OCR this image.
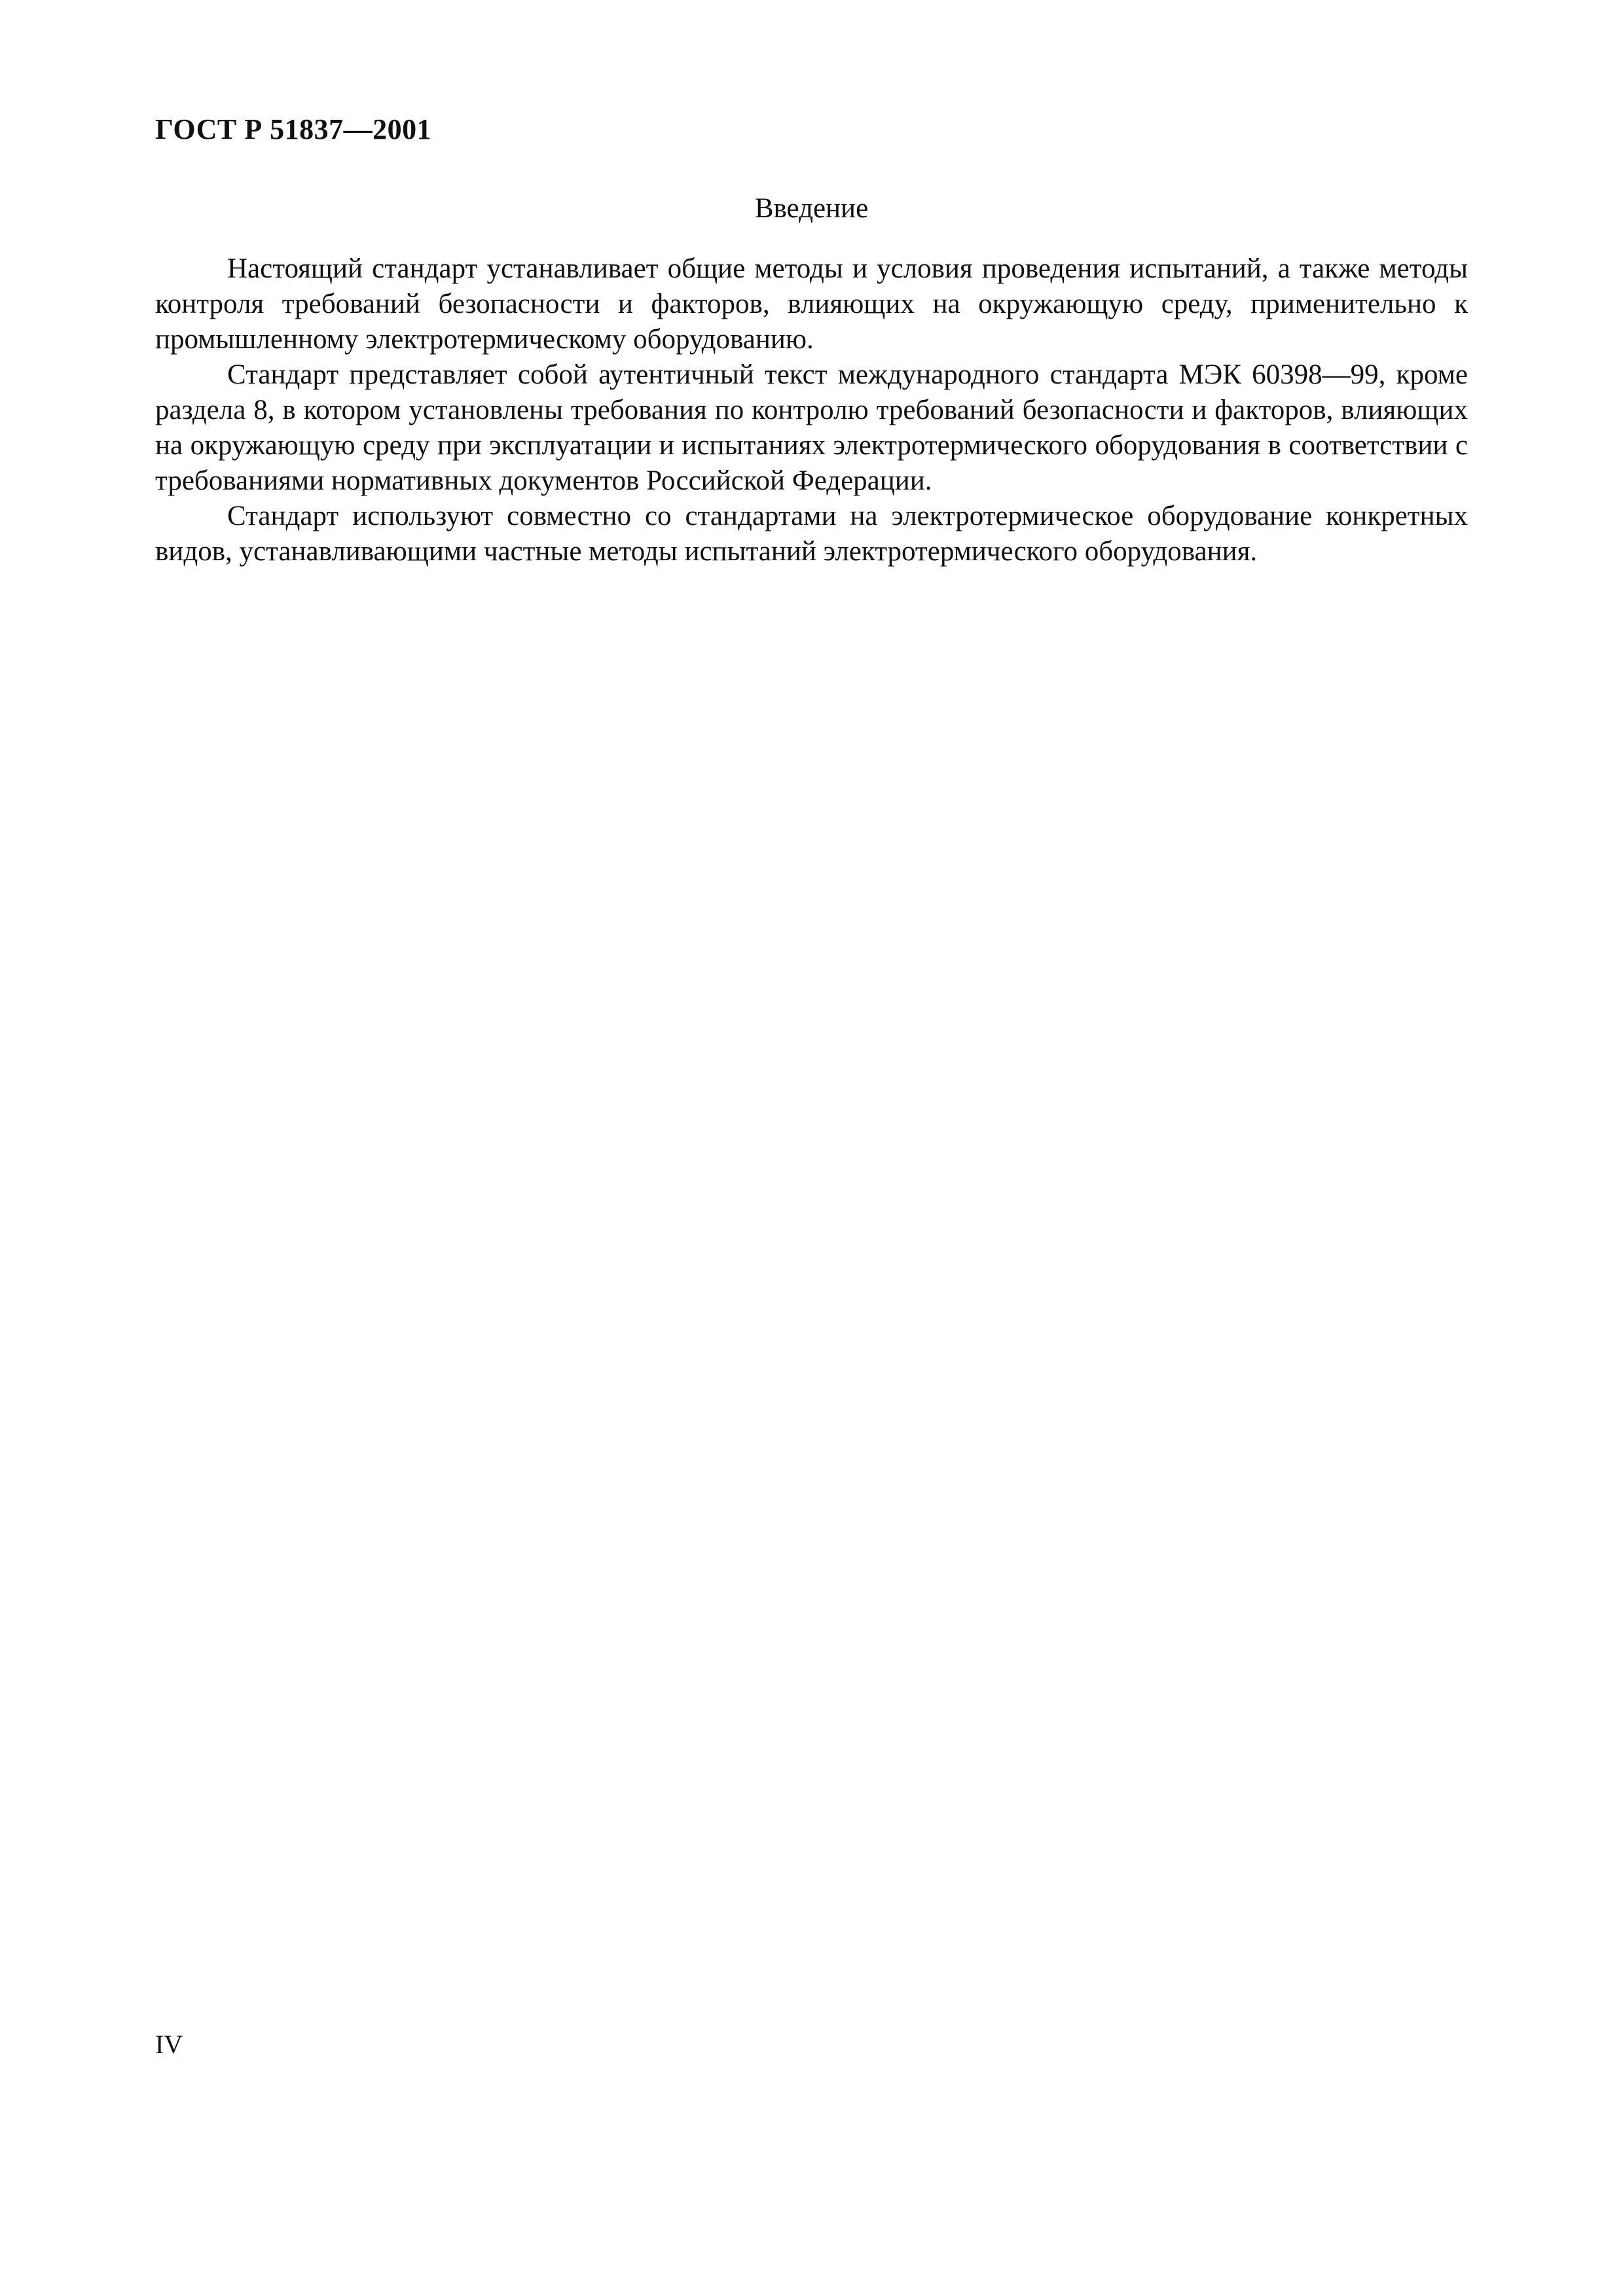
ГОСТ Р 51837—2001
Введение

Настоящий стандарт устанавливает общие методы и условия проведения испытаний, а также методы контроля требований безопасности и факторов, влияющих на окружающую среду, применительно к промышленному электротермическому оборудованию.

Стандарт представляет собой аутентичный текст международного стандарта МЭК 60398—99, кроме раздела 8, в котором установлены требования по контролю требований безопасности и факторов, влияющих на окружающую среду при эксплуатации и испытаниях электротермического оборудования в соответствии с требованиями нормативных документов Российской Федерации.

Стандарт используют совместно со стандартами на электротермическое оборудование конкретных видов, устанавливающими частные методы испытаний электротермического оборудования.

IV
